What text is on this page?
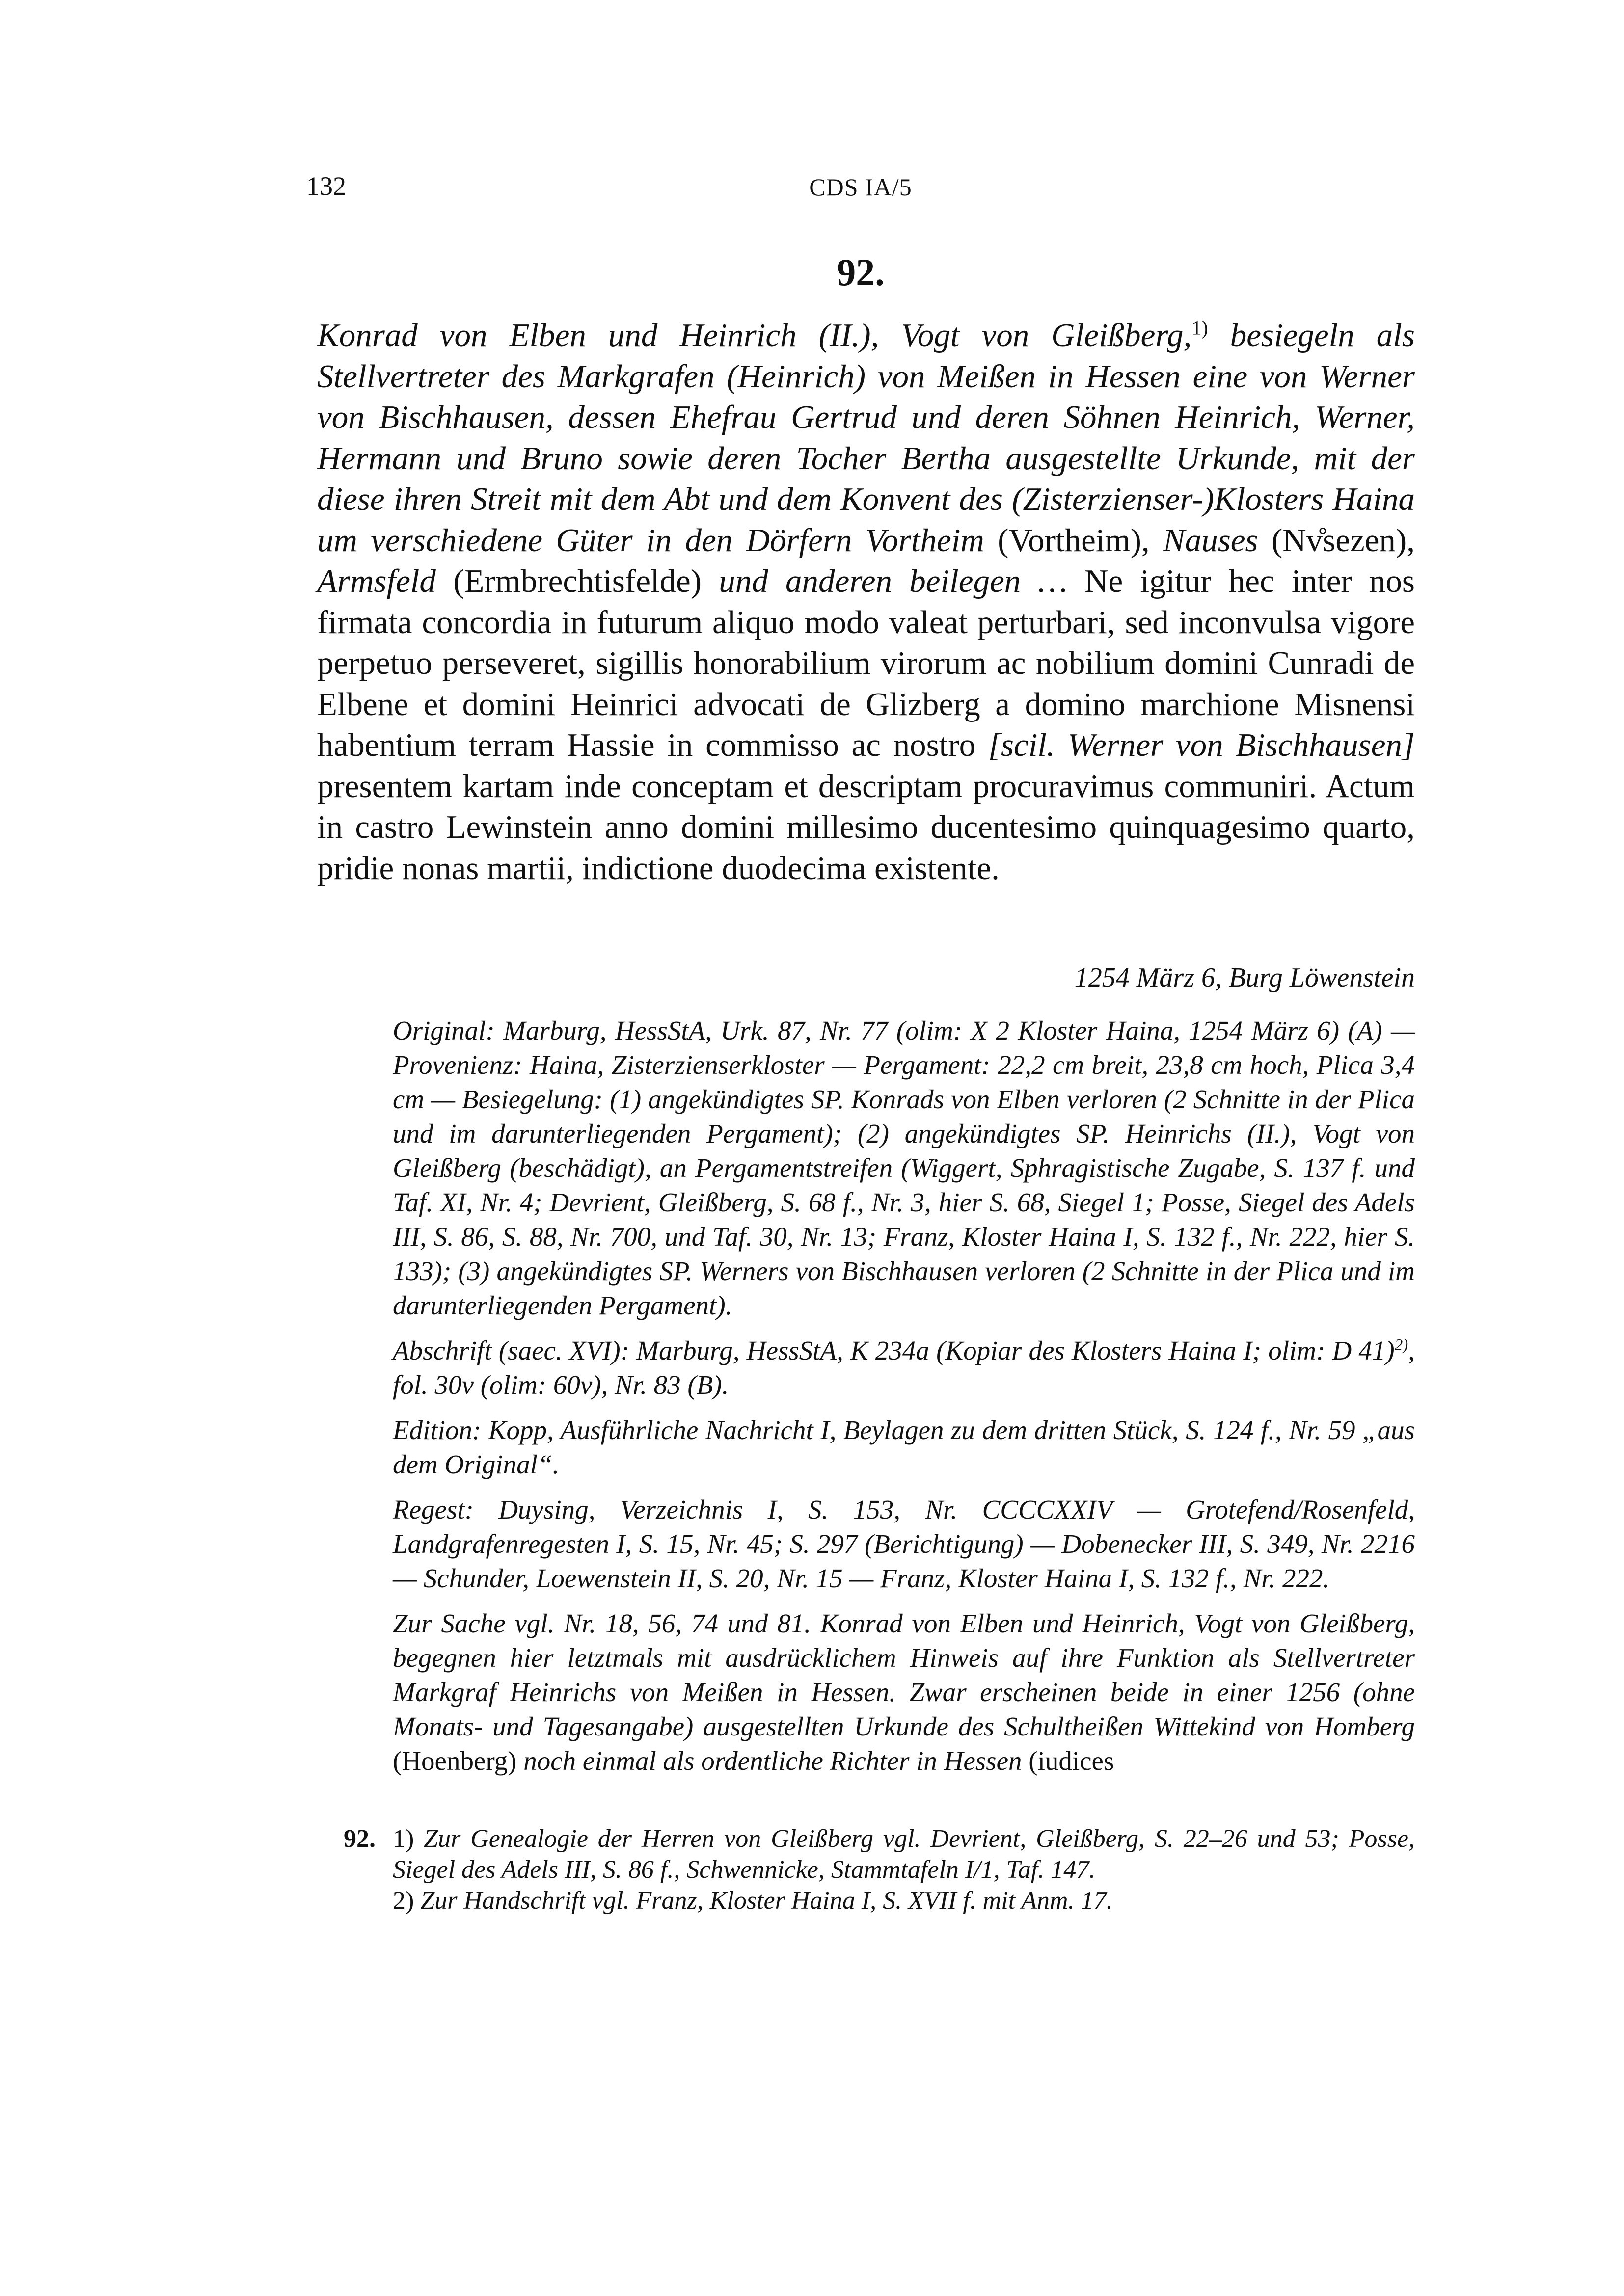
132	CDS IA/5
92.
Konrad von Elben und Heinrich (II.), Vogt von Gleißberg,$^{1)}$ besiegeln als Stellvertreter des Markgrafen (Heinrich) von Meißen in Hessen eine von Werner von Bischhausen, dessen Ehefrau Gertrud und deren Söhnen Heinrich, Werner, Hermann und Bruno sowie deren Tocher Bertha ausgestellte Urkunde, mit der diese ihren Streit mit dem Abt und dem Konvent des (Zisterzienser-)Klosters Haina um verschiedene Güter in den Dörfern Vortheim (Vortheim), Nauses (Nv̊sezen), Armsfeld (Ermbrechtisfelde) und anderen beilegen … Ne igitur hec inter nos firmata concordia in futurum aliquo modo valeat perturbari, sed inconvulsa vigore perpetuo perseveret, sigillis honorabilium virorum ac nobilium domini Cunradi de Elbene et domini Heinrici advocati de Glizberg a domino marchione Misnensi habentium terram Hassie in commisso ac nostro [scil. Werner von Bischhausen] presentem kartam inde conceptam et descriptam procuravimus communiri. Actum in castro Lewinstein anno domini millesimo ducentesimo quinquagesimo quarto, pridie nonas martii, indictione duodecima existente.
1254 März 6, Burg Löwenstein

Original: Marburg, HessStA, Urk. 87, Nr. 77 (olim: X 2 Kloster Haina, 1254 März 6) (A) — Provenienz: Haina, Zisterzienserkloster — Pergament: 22,2 cm breit, 23,8 cm hoch, Plica 3,4 cm — Besiegelung: (1) angekündigtes SP. Konrads von Elben verloren (2 Schnitte in der Plica und im darunterliegenden Pergament); (2) angekündigtes SP. Heinrichs (II.), Vogt von Gleißberg (beschädigt), an Pergamentstreifen (Wiggert, Sphragistische Zugabe, S. 137 f. und Taf. XI, Nr. 4; Devrient, Gleißberg, S. 68 f., Nr. 3, hier S. 68, Siegel 1; Posse, Siegel des Adels III, S. 86, S. 88, Nr. 700, und Taf. 30, Nr. 13; Franz, Kloster Haina I, S. 132 f., Nr. 222, hier S. 133); (3) angekündigtes SP. Werners von Bischhausen verloren (2 Schnitte in der Plica und im darunterliegenden Pergament).

Abschrift (saec. XVI): Marburg, HessStA, K 234a (Kopiar des Klosters Haina I; olim: D 41)$^{2)}$, fol. 30v (olim: 60v), Nr. 83 (B).

Edition: Kopp, Ausführliche Nachricht I, Beylagen zu dem dritten Stück, S. 124 f., Nr. 59 „aus dem Original“.

Regest: Duysing, Verzeichnis I, S. 153, Nr. CCCCXXIV — Grotefend/Rosenfeld, Landgrafenregesten I, S. 15, Nr. 45; S. 297 (Berichtigung) — Dobenecker III, S. 349, Nr. 2216 — Schunder, Loewenstein II, S. 20, Nr. 15 — Franz, Kloster Haina I, S. 132 f., Nr. 222.

Zur Sache vgl. Nr. 18, 56, 74 und 81. Konrad von Elben und Heinrich, Vogt von Gleißberg, begegnen hier letztmals mit ausdrücklichem Hinweis auf ihre Funktion als Stellvertreter Markgraf Heinrichs von Meißen in Hessen. Zwar erscheinen beide in einer 1256 (ohne Monats- und Tagesangabe) ausgestellten Urkunde des Schultheißen Wittekind von Homberg (Hoenberg) noch einmal als ordentliche Richter in Hessen (iudices

92. 1) Zur Genealogie der Herren von Gleißberg vgl. Devrient, Gleißberg, S. 22–26 und 53; Posse, Siegel des Adels III, S. 86 f., Schwennicke, Stammtafeln I/1, Taf. 147.
2) Zur Handschrift vgl. Franz, Kloster Haina I, S. XVII f. mit Anm. 17.
